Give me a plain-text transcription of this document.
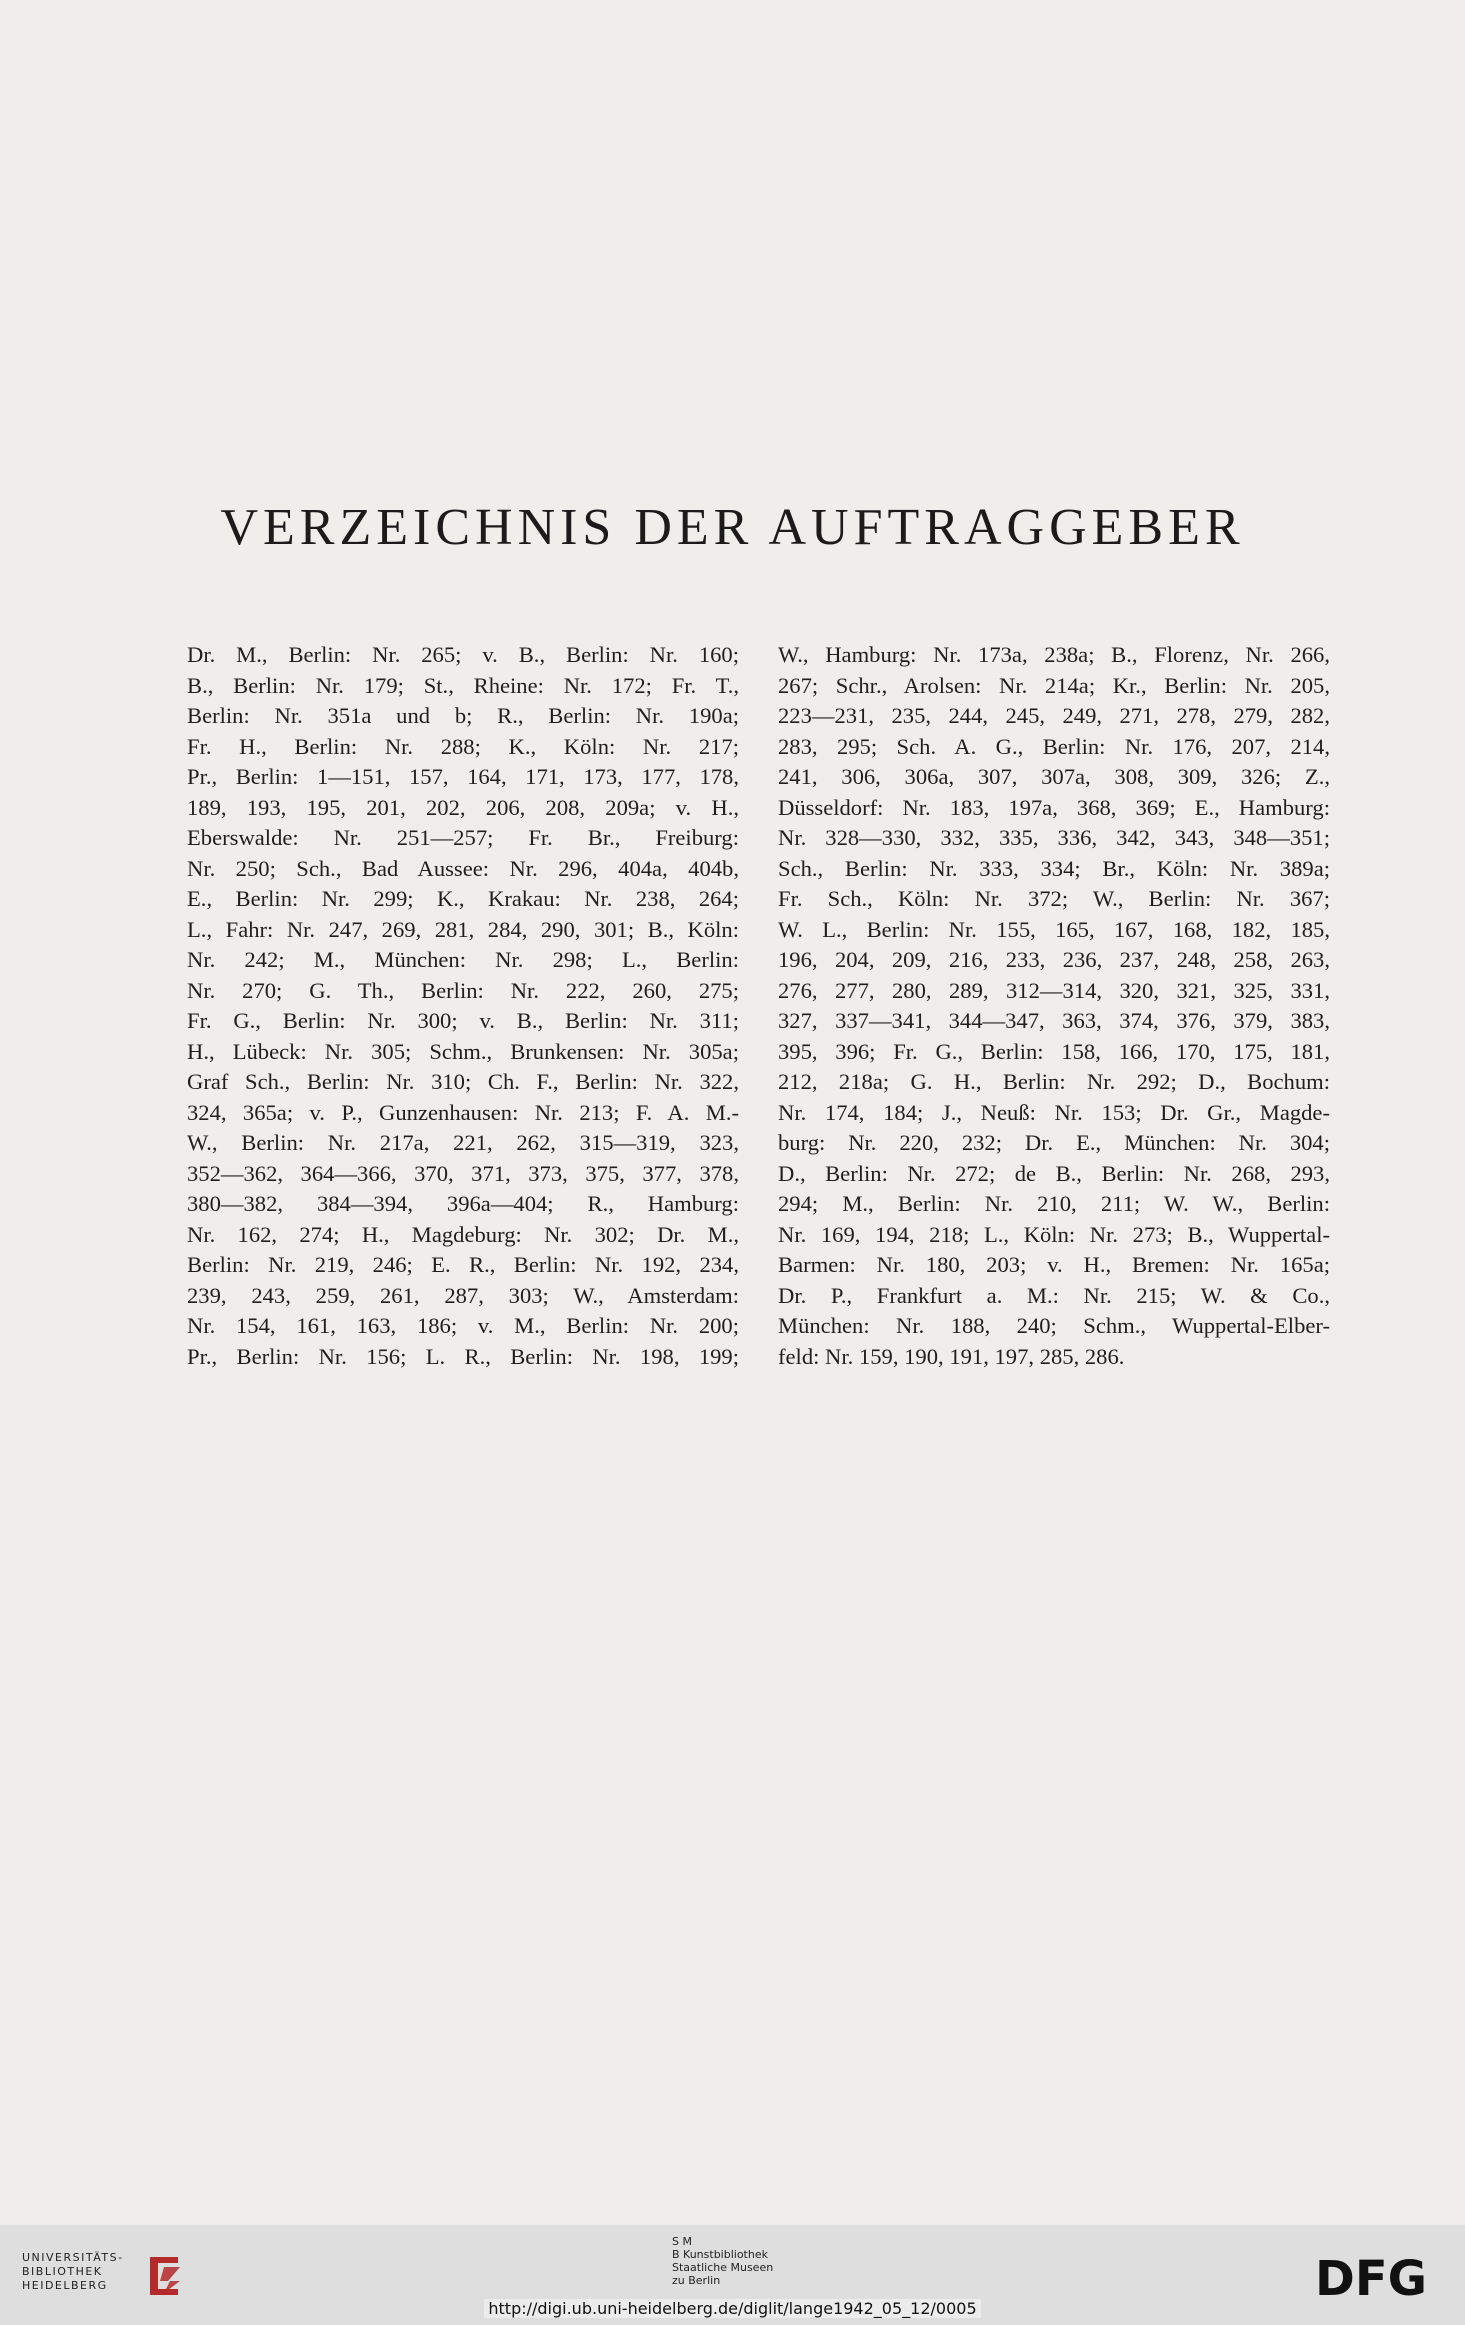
VERZEICHNIS DER AUFTRAGGEBER
Dr. M., Berlin: Nr. 265; v. B., Berlin: Nr. 160;
B., Berlin: Nr. 179; St., Rheine: Nr. 172; Fr. T.,
Berlin: Nr. 351a und b; R., Berlin: Nr. 190a;
Fr. H., Berlin: Nr. 288; K., Köln: Nr. 217;
Pr., Berlin: 1—151, 157, 164, 171, 173, 177, 178,
189, 193, 195, 201, 202, 206, 208, 209a; v. H.,
Eberswalde: Nr. 251—257; Fr. Br., Freiburg:
Nr. 250; Sch., Bad Aussee: Nr. 296, 404a, 404b,
E., Berlin: Nr. 299; K., Krakau: Nr. 238, 264;
L., Fahr: Nr. 247, 269, 281, 284, 290, 301; B., Köln:
Nr. 242; M., München: Nr. 298; L., Berlin:
Nr. 270; G. Th., Berlin: Nr. 222, 260, 275;
Fr. G., Berlin: Nr. 300; v. B., Berlin: Nr. 311;
H., Lübeck: Nr. 305; Schm., Brunkensen: Nr. 305a;
Graf Sch., Berlin: Nr. 310; Ch. F., Berlin: Nr. 322,
324, 365a; v. P., Gunzenhausen: Nr. 213; F. A. M.-
W., Berlin: Nr. 217a, 221, 262, 315—319, 323,
352—362, 364—366, 370, 371, 373, 375, 377, 378,
380—382, 384—394, 396a—404; R., Hamburg:
Nr. 162, 274; H., Magdeburg: Nr. 302; Dr. M.,
Berlin: Nr. 219, 246; E. R., Berlin: Nr. 192, 234,
239, 243, 259, 261, 287, 303; W., Amsterdam:
Nr. 154, 161, 163, 186; v. M., Berlin: Nr. 200;
Pr., Berlin: Nr. 156; L. R., Berlin: Nr. 198, 199;
W., Hamburg: Nr. 173a, 238a; B., Florenz, Nr. 266,
267; Schr., Arolsen: Nr. 214a; Kr., Berlin: Nr. 205,
223—231, 235, 244, 245, 249, 271, 278, 279, 282,
283, 295; Sch. A. G., Berlin: Nr. 176, 207, 214,
241, 306, 306a, 307, 307a, 308, 309, 326; Z.,
Düsseldorf: Nr. 183, 197a, 368, 369; E., Hamburg:
Nr. 328—330, 332, 335, 336, 342, 343, 348—351;
Sch., Berlin: Nr. 333, 334; Br., Köln: Nr. 389a;
Fr. Sch., Köln: Nr. 372; W., Berlin: Nr. 367;
W. L., Berlin: Nr. 155, 165, 167, 168, 182, 185,
196, 204, 209, 216, 233, 236, 237, 248, 258, 263,
276, 277, 280, 289, 312—314, 320, 321, 325, 331,
327, 337—341, 344—347, 363, 374, 376, 379, 383,
395, 396; Fr. G., Berlin: 158, 166, 170, 175, 181,
212, 218a; G. H., Berlin: Nr. 292; D., Bochum:
Nr. 174, 184; J., Neuß: Nr. 153; Dr. Gr., Magde-
burg: Nr. 220, 232; Dr. E., München: Nr. 304;
D., Berlin: Nr. 272; de B., Berlin: Nr. 268, 293,
294; M., Berlin: Nr. 210, 211; W. W., Berlin:
Nr. 169, 194, 218; L., Köln: Nr. 273; B., Wuppertal-
Barmen: Nr. 180, 203; v. H., Bremen: Nr. 165a;
Dr. P., Frankfurt a. M.: Nr. 215; W. & Co.,
München: Nr. 188, 240; Schm., Wuppertal-Elber-
feld: Nr. 159, 190, 191, 197, 285, 286.
UNIVERSITÄTS-
BIBLIOTHEK
HEIDELBERG
S M
B Kunstbibliothek
Staatliche Museen
zu Berlin	DFG
http://digi.ub.uni-heidelberg.de/diglit/lange1942_05_12/0005
